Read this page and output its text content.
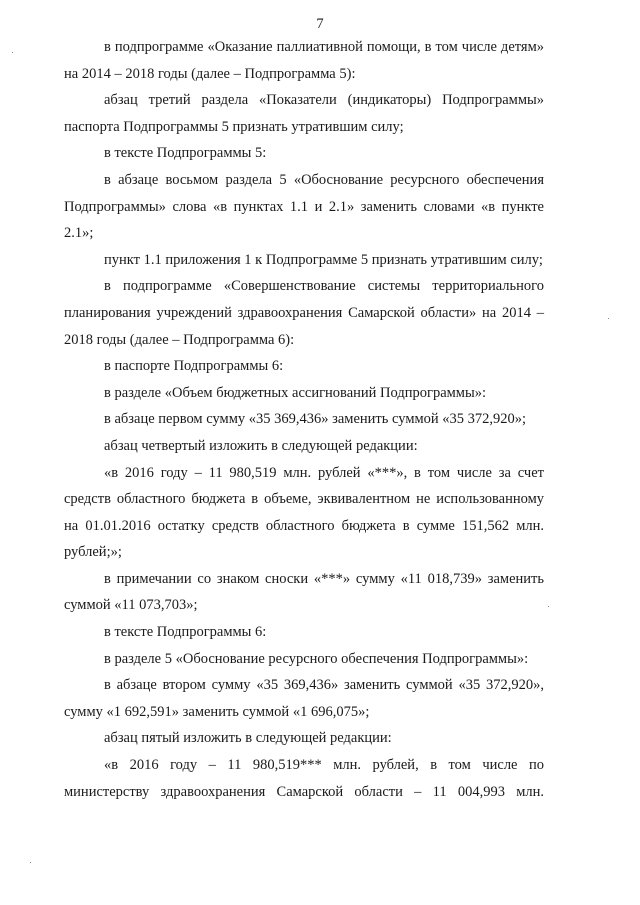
7

в подпрограмме «Оказание паллиативной помощи, в том числе детям» на 2014 – 2018 годы (далее – Подпрограмма 5):

абзац третий раздела «Показатели (индикаторы) Подпрограммы» паспорта Подпрограммы 5 признать утратившим силу;

в тексте Подпрограммы 5:

в абзаце восьмом раздела 5 «Обоснование ресурсного обеспечения Подпрограммы» слова «в пунктах 1.1 и 2.1» заменить словами «в пункте 2.1»;

пункт 1.1 приложения 1 к Подпрограмме 5 признать утратившим силу;

в подпрограмме «Совершенствование системы территориального планирования учреждений здравоохранения Самарской области» на 2014 – 2018 годы (далее – Подпрограмма 6):

в паспорте Подпрограммы 6:

в разделе «Объем бюджетных ассигнований Подпрограммы»:

в абзаце первом сумму «35 369,436» заменить суммой «35 372,920»;

абзац четвертый изложить в следующей редакции:

«в 2016 году – 11 980,519 млн. рублей «***», в том числе за счет средств областного бюджета в объеме, эквивалентном не использованному на 01.01.2016 остатку средств областного бюджета в сумме 151,562 млн. рублей;»;

в примечании со знаком сноски «***» сумму «11 018,739» заменить суммой «11 073,703»;

в тексте Подпрограммы 6:

в разделе 5 «Обоснование ресурсного обеспечения Подпрограммы»:

в абзаце втором сумму «35 369,436» заменить суммой «35 372,920», сумму «1 692,591» заменить суммой «1 696,075»;

абзац пятый изложить в следующей редакции:

«в 2016 году – 11 980,519*** млн. рублей, в том числе по министерству здравоохранения Самарской области – 11 004,993 млн.
